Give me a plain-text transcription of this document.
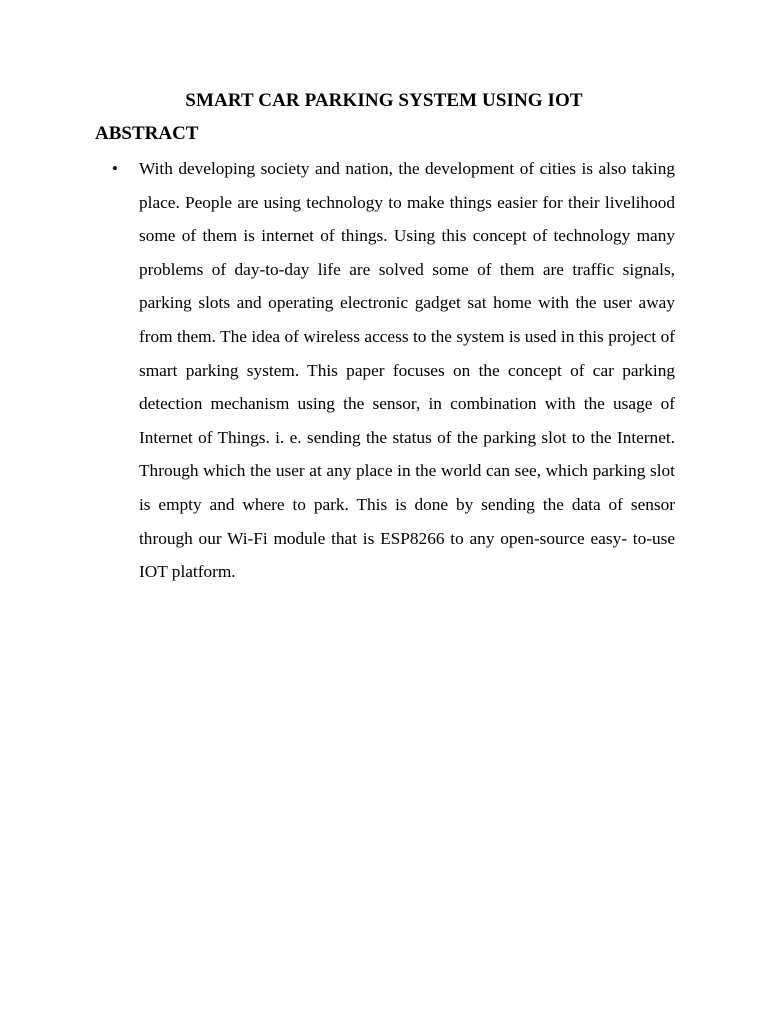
SMART CAR PARKING SYSTEM USING IOT
ABSTRACT
• With developing society and nation, the development of cities is also taking place. People are using technology to make things easier for their livelihood some of them is internet of things. Using this concept of technology many problems of day-to-day life are solved some of them are traffic signals, parking slots and operating electronic gadget sat home with the user away from them. The idea of wireless access to the system is used in this project of smart parking system. This paper focuses on the concept of car parking detection mechanism using the sensor, in combination with the usage of Internet of Things. i. e. sending the status of the parking slot to the Internet. Through which the user at any place in the world can see, which parking slot is empty and where to park. This is done by sending the data of sensor through our Wi-Fi module that is ESP8266 to any open-source easy- to-use IOT platform.
